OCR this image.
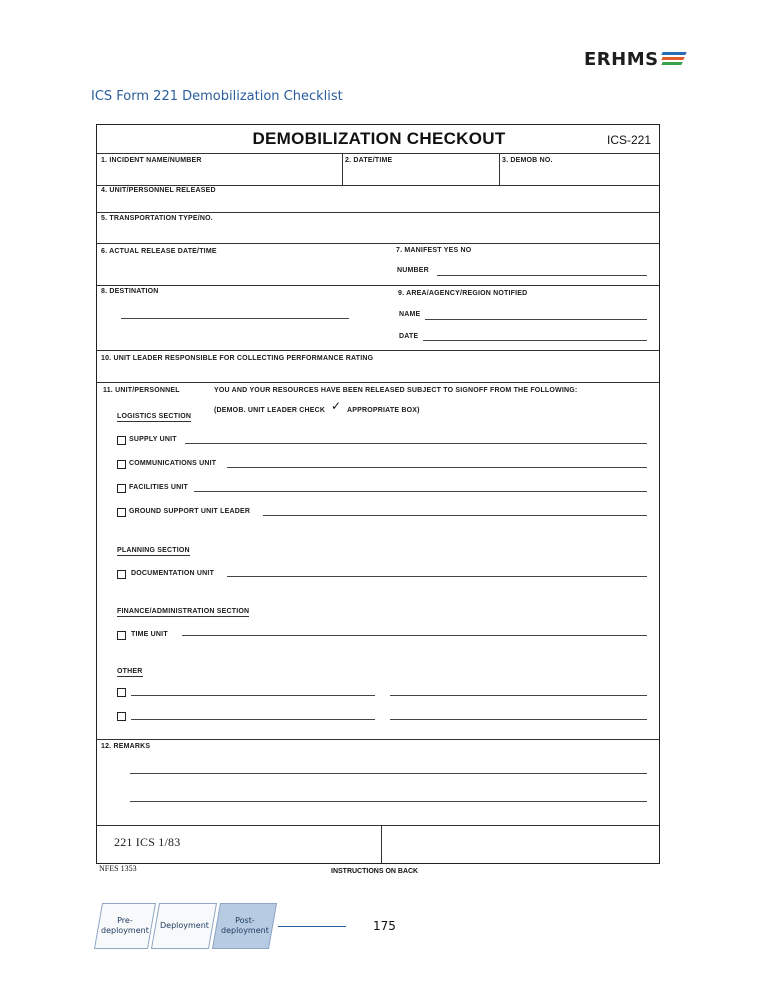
ERHMS
ICS Form 221 Demobilization Checklist
DEMOBILIZATION CHECKOUT	ICS-221
1. INCIDENT NAME/NUMBER	2. DATE/TIME	3. DEMOB NO.
4. UNIT/PERSONNEL RELEASED
5. TRANSPORTATION TYPE/NO.
6. ACTUAL RELEASE DATE/TIME	7. MANIFEST YES NO
NUMBER
8. DESTINATION	9. AREA/AGENCY/REGION NOTIFIED
NAME
DATE
10. UNIT LEADER RESPONSIBLE FOR COLLECTING PERFORMANCE RATING
11. UNIT/PERSONNEL	YOU AND YOUR RESOURCES HAVE BEEN RELEASED SUBJECT TO SIGNOFF FROM THE FOLLOWING:
(DEMOB. UNIT LEADER CHECK ✓ APPROPRIATE BOX)
LOGISTICS SECTION
SUPPLY UNIT
COMMUNICATIONS UNIT
FACILITIES UNIT
GROUND SUPPORT UNIT LEADER
PLANNING SECTION
DOCUMENTATION UNIT
FINANCE/ADMINISTRATION SECTION
TIME UNIT
OTHER
12. REMARKS
221 ICS 1/83
NFES 1353	INSTRUCTIONS ON BACK
Pre-
deployment
Deployment
Post-
deployment	175
